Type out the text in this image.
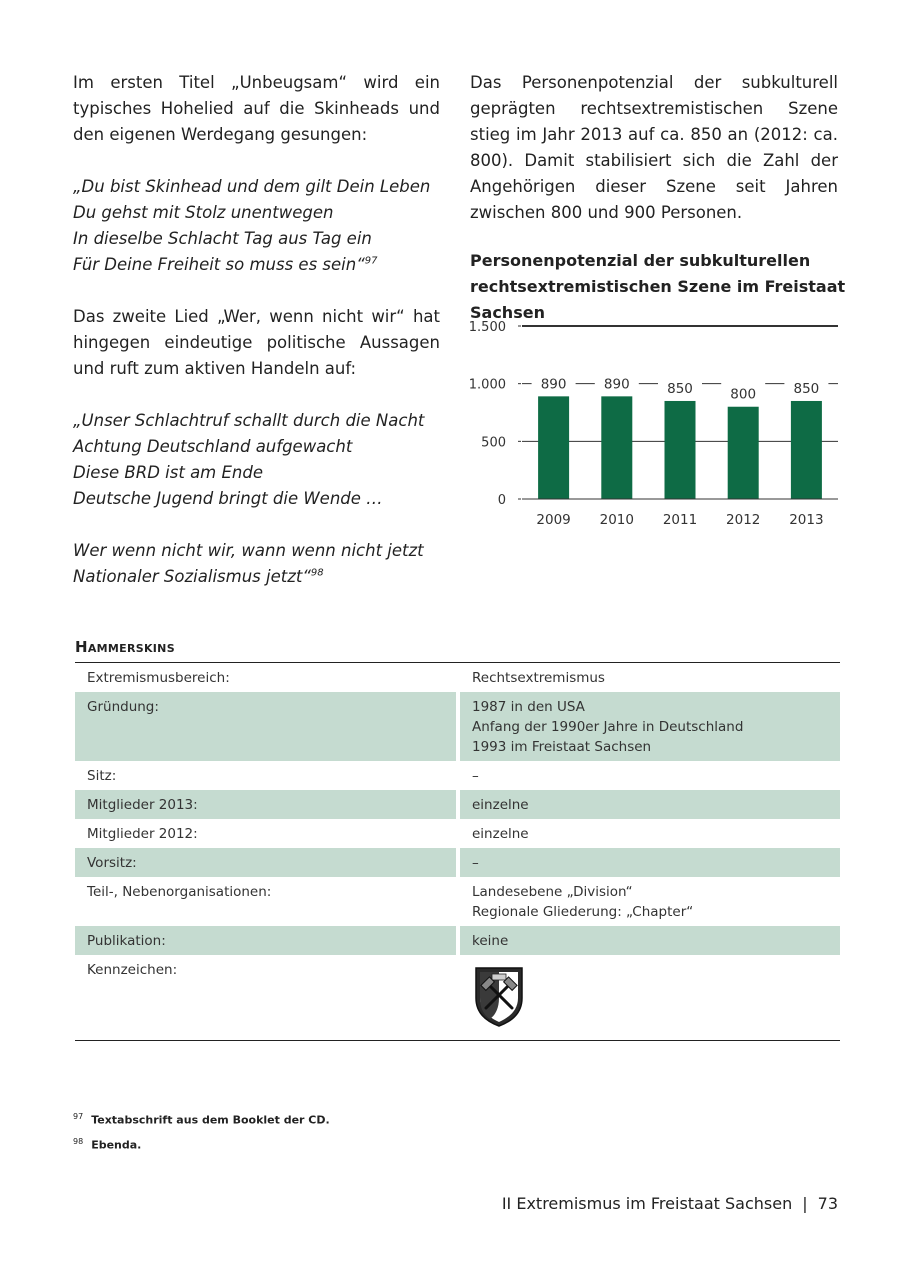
Im ersten Titel „Unbeugsam“ wird ein typisches Hohelied auf die Skinheads und den eigenen Werdegang gesungen:

„Du bist Skinhead und dem gilt Dein Leben
Du gehst mit Stolz unentwegen
In dieselbe Schlacht Tag aus Tag ein
Für Deine Freiheit so muss es sein“$^{97}$

Das zweite Lied „Wer, wenn nicht wir“ hat hingegen eindeutige politische Aussagen und ruft zum aktiven Handeln auf:

„Unser Schlachtruf schallt durch die Nacht
Achtung Deutschland aufgewacht
Diese BRD ist am Ende
Deutsche Jugend bringt die Wende …

Wer wenn nicht wir, wann wenn nicht jetzt
Nationaler Sozialismus jetzt“$^{98}$

Das Personenpotenzial der subkulturell geprägten rechtsextremistischen Szene stieg im Jahr 2013 auf ca. 850 an (2012: ca. 800). Damit stabilisiert sich die Zahl der Angehörigen dieser Szene seit Jahren zwischen 800 und 900 Personen.

Personenpotenzial der subkulturellen rechtsextremistischen Szene im Freistaat Sachsen
0
500
1.000
1.500
890
2009
890
2010
850
2011
800
2012
850
2013
Hammerskins
Extremismusbereich:	Rechtsextremismus
Gründung:	1987 in den USA
Anfang der 1990er Jahre in Deutschland
1993 im Freistaat Sachsen
Sitz:	–
Mitglieder 2013:	einzelne
Mitglieder 2012:	einzelne
Vorsitz:	–
Teil-, Nebenorganisationen:	Landesebene „Division“
Regionale Gliederung: „Chapter“
Publikation:	keine
Kennzeichen:
$^{97}$ Textabschrift aus dem Booklet der CD.
$^{98}$ Ebenda.
II Extremismus im Freistaat Sachsen | 73
